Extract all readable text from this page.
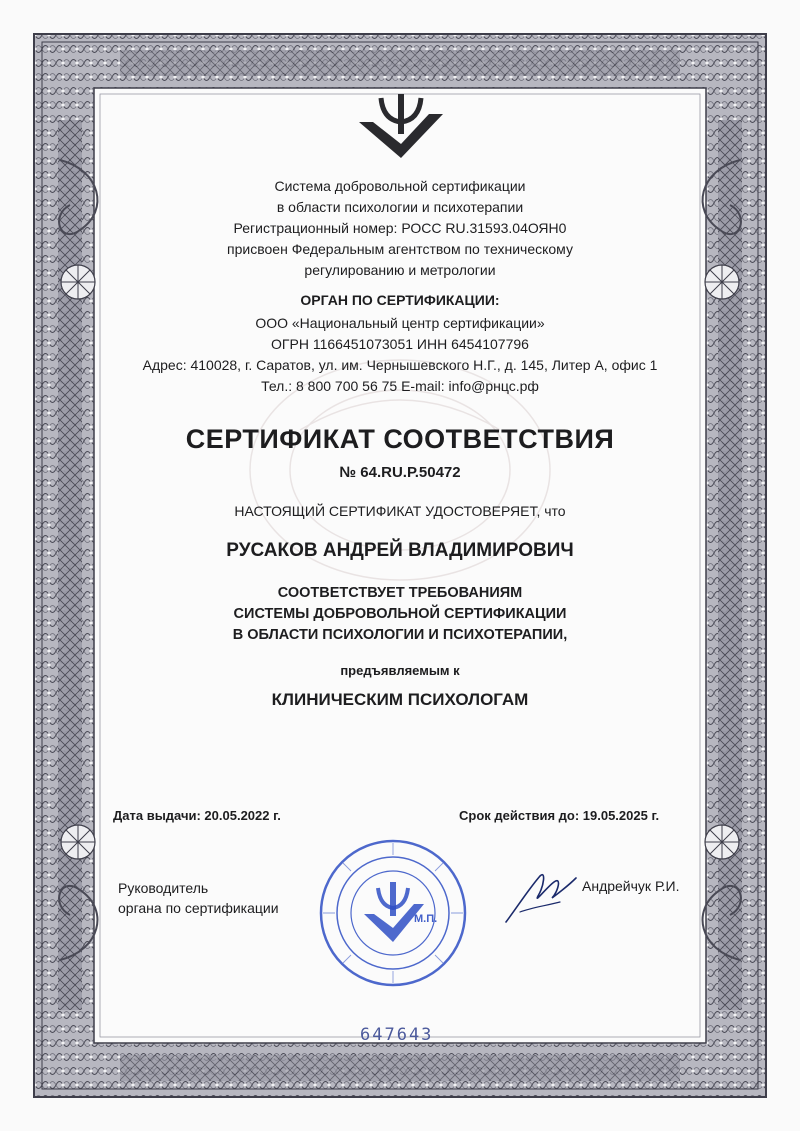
Система добровольной сертификации
в области психологии и психотерапии
Регистрационный номер: РОСС RU.31593.04ОЯН0
присвоен Федеральным агентством по техническому
регулированию и метрологии
ОРГАН ПО СЕРТИФИКАЦИИ:
ООО «Национальный центр сертификации»
ОГРН 1166451073051 ИНН 6454107796
Адрес: 410028, г. Саратов, ул. им. Чернышевского Н.Г., д. 145, Литер А, офис 1
Тел.: 8 800 700 56 75 E-mail: info@рнцс.рф
СЕРТИФИКАТ СООТВЕТСТВИЯ
№ 64.RU.Р.50472
НАСТОЯЩИЙ СЕРТИФИКАТ УДОСТОВЕРЯЕТ, что
РУСАКОВ АНДРЕЙ ВЛАДИМИРОВИЧ
СООТВЕТСТВУЕТ ТРЕБОВАНИЯМ
СИСТЕМЫ ДОБРОВОЛЬНОЙ СЕРТИФИКАЦИИ
В ОБЛАСТИ ПСИХОЛОГИИ И ПСИХОТЕРАПИИ,
предъявляемым к
КЛИНИЧЕСКИМ ПСИХОЛОГАМ
Дата выдачи: 20.05.2022 г.	Срок действия до: 19.05.2025 г.
Руководитель
органа по сертификации
Андрейчук Р.И.
М.П.
647643
